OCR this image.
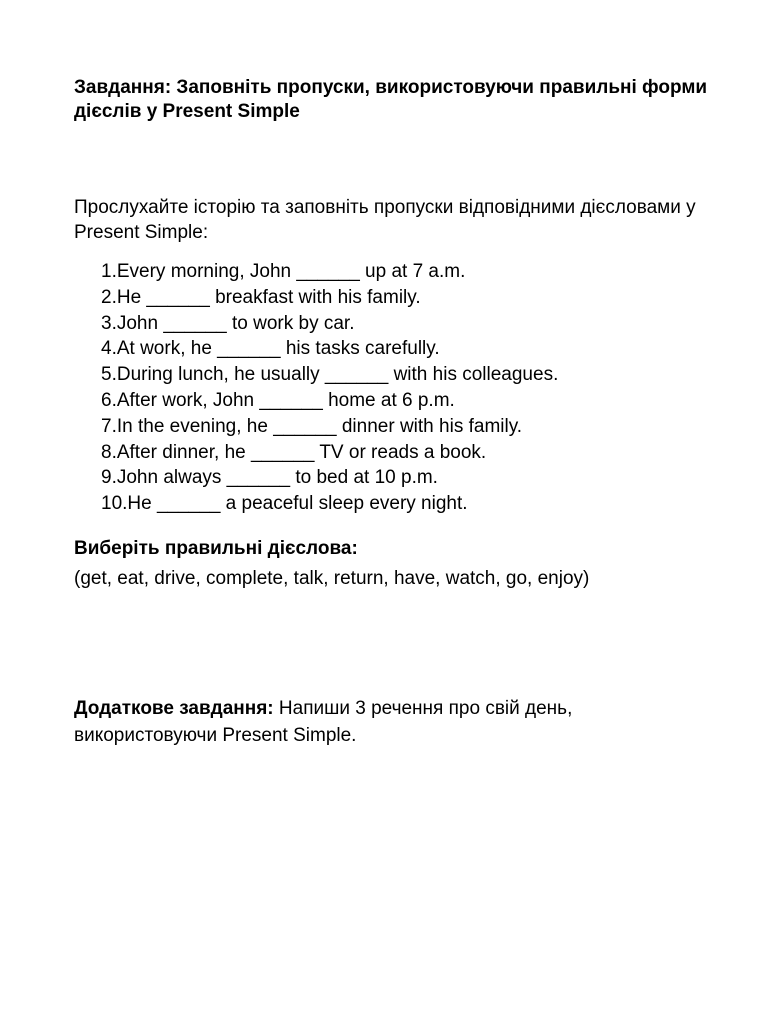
Завдання: Заповніть пропуски, використовуючи правильні форми дієслів у Present Simple

Прослухайте історію та заповніть пропуски відповідними дієсловами у Present Simple:

1.Every morning, John ______ up at 7 a.m.
2.He ______ breakfast with his family.
3.John ______ to work by car.
4.At work, he ______ his tasks carefully.
5.During lunch, he usually ______ with his colleagues.
6.After work, John ______ home at 6 p.m.
7.In the evening, he ______ dinner with his family.
8.After dinner, he ______ TV or reads a book.
9.John always ______ to bed at 10 p.m.
10.He ______ a peaceful sleep every night.

Виберіть правильні дієслова:

(get, eat, drive, complete, talk, return, have, watch, go, enjoy)

Додаткове завдання: Напиши 3 речення про свій день, використовуючи Present Simple.
